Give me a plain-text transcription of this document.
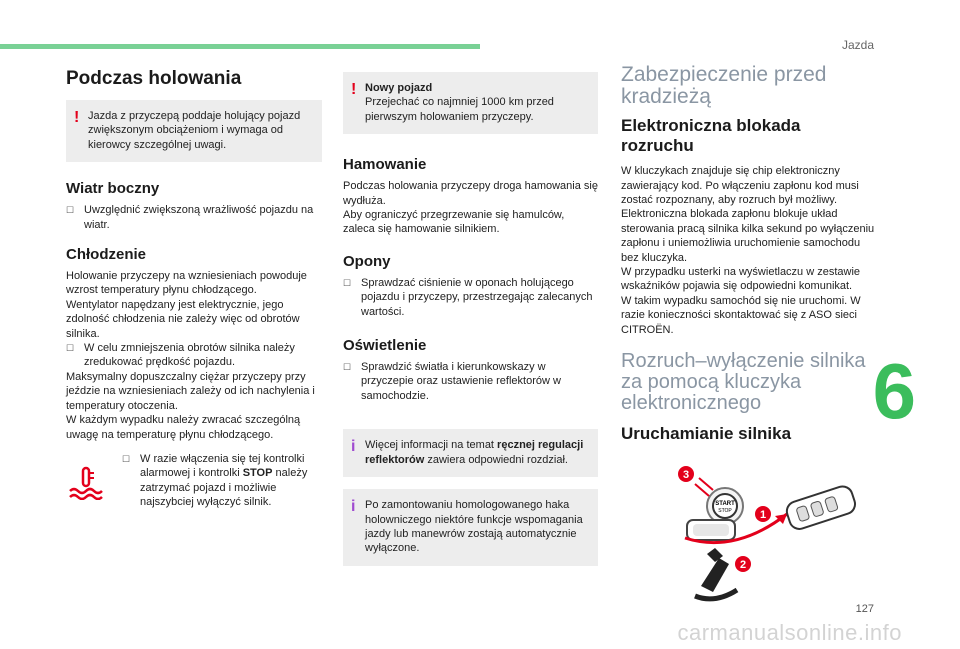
Jazda
6
127
carmanualsonline.info
Podczas holowania
! Jazda z przyczepą poddaje holujący pojazd zwiększonym obciążeniom i wymaga od kierowcy szczególnej uwagi.

Wiatr boczny
☐ Uwzględnić zwiększoną wrażliwość pojazdu na wiatr.
Chłodzenie

Holowanie przyczepy na wzniesieniach powoduje wzrost temperatury płynu chłodzącego.

Wentylator napędzany jest elektrycznie, jego zdolność chłodzenia nie zależy więc od obrotów silnika.

☐ W celu zmniejszenia obrotów silnika należy zredukować prędkość pojazdu.

Maksymalny dopuszczalny ciężar przyczepy przy jeździe na wzniesieniach zależy od ich nachylenia i temperatury otoczenia.

W każdym wypadku należy zwracać szczególną uwagę na temperaturę płynu chłodzącego.

☐ W razie włączenia się tej kontrolki alarmowej i kontrolki STOP należy zatrzymać pojazd i możliwie najszybciej wyłączyć silnik.
! Nowy pojazd
Przejechać co najmniej 1000 km przed pierwszym holowaniem przyczepy.

Hamowanie

Podczas holowania przyczepy droga hamowania się wydłuża.

Aby ograniczyć przegrzewanie się hamulców, zaleca się hamowanie silnikiem.

Opony
☐ Sprawdzać ciśnienie w oponach holującego pojazdu i przyczepy, przestrzegając zalecanych wartości.
Oświetlenie
☐ Sprawdzić światła i kierunkowskazy w przyczepie oraz ustawienie reflektorów w samochodzie.
i Więcej informacji na temat ręcznej regulacji reflektorów zawiera odpowiedni rozdział.

i Po zamontowaniu homologowanego haka holowniczego niektóre funkcje wspomagania jazdy lub manewrów zostają automatycznie wyłączone.

Zabezpieczenie przed kradzieżą
Elektroniczna blokada rozruchu

W kluczykach znajduje się chip elektroniczny zawierający kod. Po włączeniu zapłonu kod musi zostać rozpoznany, aby rozruch był możliwy.

Elektroniczna blokada zapłonu blokuje układ sterowania pracą silnika kilka sekund po wyłączeniu zapłonu i uniemożliwia uruchomienie samochodu bez kluczyka.

W przypadku usterki na wyświetlaczu w zestawie wskaźników pojawia się odpowiedni komunikat.

W takim wypadku samochód się nie uruchomi. W razie konieczności skontaktować się z ASO sieci CITROËN.

Rozruch–wyłączenie silnika za pomocą kluczyka elektronicznego
Uruchamianie silnika
START
STOP
3
1
2
